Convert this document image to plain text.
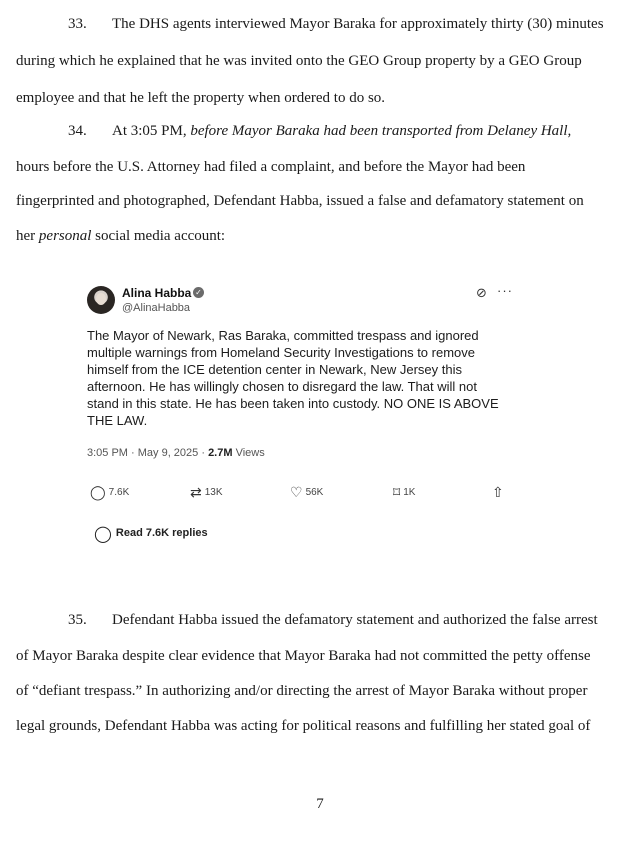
33. The DHS agents interviewed Mayor Baraka for approximately thirty (30) minutes
during which he explained that he was invited onto the GEO Group property by a GEO Group
employee and that he left the property when ordered to do so.
34. At 3:05 PM, before Mayor Baraka had been transported from Delaney Hall,
hours before the U.S. Attorney had filed a complaint, and before the Mayor had been
fingerprinted and photographed, Defendant Habba, issued a false and defamatory statement on
her personal social media account:
Alina Habba ✓
@AlinaHabba
⊘ ···
The Mayor of Newark, Ras Baraka, committed trespass and ignored
multiple warnings from Homeland Security Investigations to remove
himself from the ICE detention center in Newark, New Jersey this
afternoon. He has willingly chosen to disregard the law. That will not
stand in this state. He has been taken into custody. NO ONE IS ABOVE
THE LAW.
3:05 PM · May 9, 2025 · 2.7M Views
◯ 7.6K	⇄ 13K	♡ 56K	⌑ 1K	⇧
◯ Read 7.6K replies
35. Defendant Habba issued the defamatory statement and authorized the false arrest
of Mayor Baraka despite clear evidence that Mayor Baraka had not committed the petty offense
of “defiant trespass.” In authorizing and/or directing the arrest of Mayor Baraka without proper
legal grounds, Defendant Habba was acting for political reasons and fulfilling her stated goal of
7
